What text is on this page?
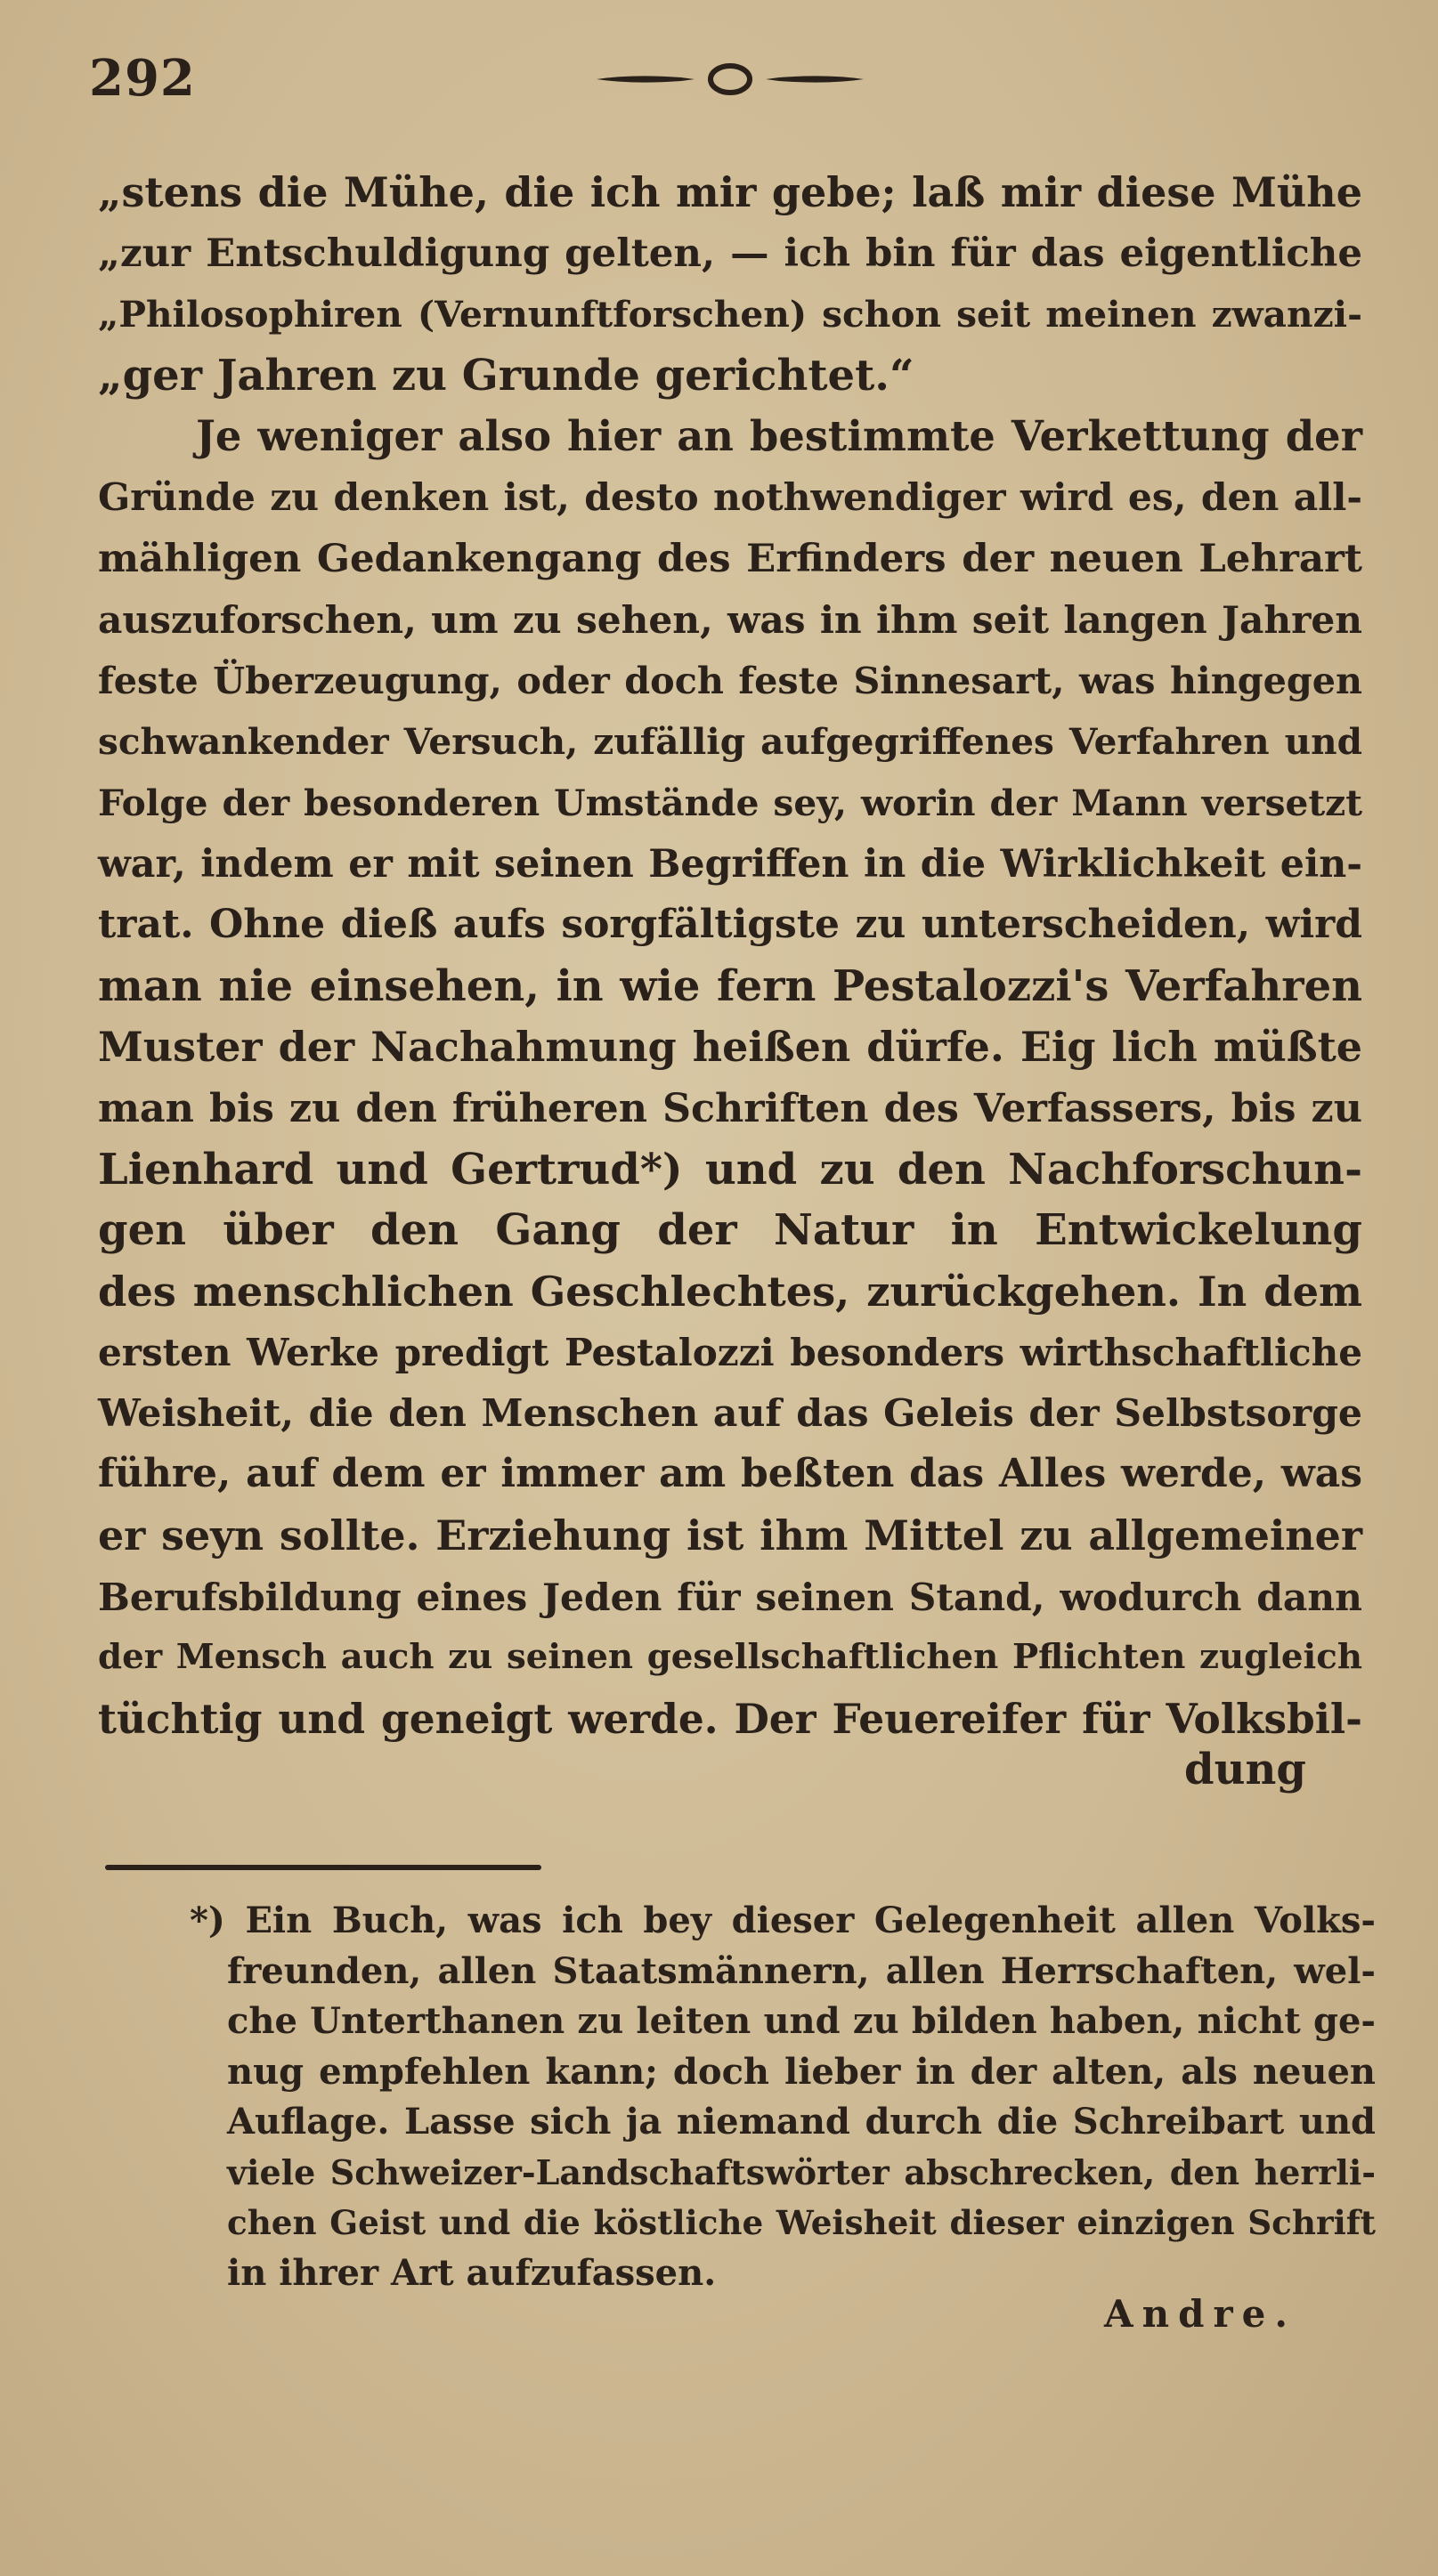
292
„stens die Mühe, die ich mir gebe; laß mir diese Mühe
„zur Entschuldigung gelten, — ich bin für das eigentliche
„Philosophiren (Vernunftforschen) schon seit meinen zwanzi-
„ger Jahren zu Grunde gerichtet.“
Je weniger also hier an bestimmte Verkettung der
Gründe zu denken ist, desto nothwendiger wird es, den all-
mähligen Gedankengang des Erfinders der neuen Lehrart
auszuforschen, um zu sehen, was in ihm seit langen Jahren
feste Überzeugung, oder doch feste Sinnesart, was hingegen
schwankender Versuch, zufällig aufgegriffenes Verfahren und
Folge der besonderen Umstände sey, worin der Mann versetzt
war, indem er mit seinen Begriffen in die Wirklichkeit ein-
trat. Ohne dieß aufs sorgfältigste zu unterscheiden, wird
man nie einsehen, in wie fern Pestalozzi's Verfahren
Muster der Nachahmung heißen dürfe. Eig lich müßte
man bis zu den früheren Schriften des Verfassers, bis zu
Lienhard und Gertrud*) und zu den Nachforschun-
gen über den Gang der Natur in Entwickelung
des menschlichen Geschlechtes, zurückgehen. In dem
ersten Werke predigt Pestalozzi besonders wirthschaftliche
Weisheit, die den Menschen auf das Geleis der Selbstsorge
führe, auf dem er immer am beßten das Alles werde, was
er seyn sollte. Erziehung ist ihm Mittel zu allgemeiner
Berufsbildung eines Jeden für seinen Stand, wodurch dann
der Mensch auch zu seinen gesellschaftlichen Pflichten zugleich
tüchtig und geneigt werde. Der Feuereifer für Volksbil-
dung
*) Ein Buch, was ich bey dieser Gelegenheit allen Volks-
freunden, allen Staatsmännern, allen Herrschaften, wel-
che Unterthanen zu leiten und zu bilden haben, nicht ge-
nug empfehlen kann; doch lieber in der alten, als neuen
Auflage. Lasse sich ja niemand durch die Schreibart und
viele Schweizer-Landschaftswörter abschrecken, den herrli-
chen Geist und die köstliche Weisheit dieser einzigen Schrift
in ihrer Art aufzufassen.
Andre.
